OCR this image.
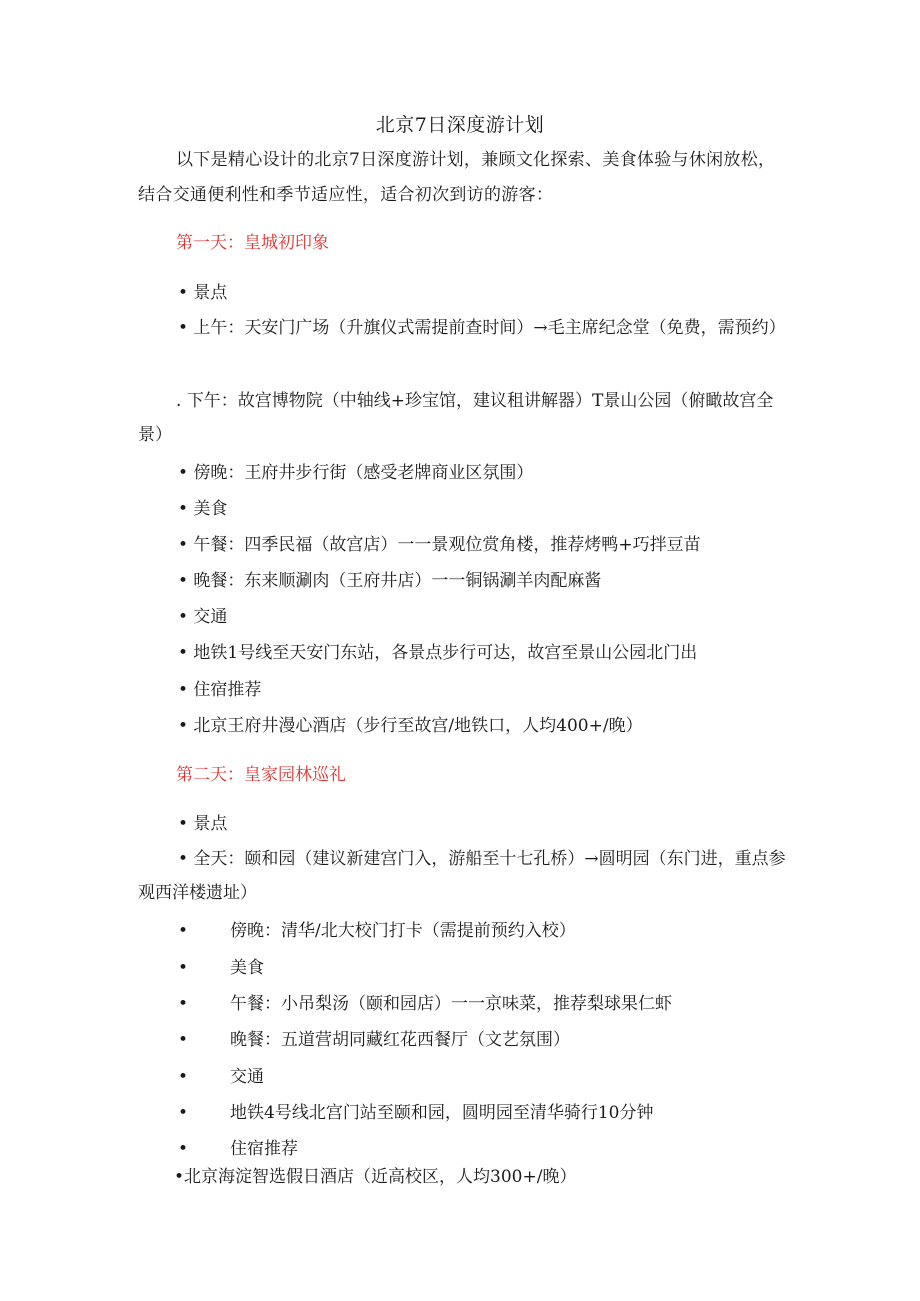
北京7日深度游计划
以下是精心设计的北京7日深度游计划，兼顾文化探索、美食体验与休闲放松，结合交通便利性和季节适应性，适合初次到访的游客：
第一天：皇城初印象
• 景点
• 上午：天安门广场（升旗仪式需提前查时间）→毛主席纪念堂（免费，需预约）
. 下午：故宫博物院（中轴线+珍宝馆，建议租讲解器）T景山公园（俯瞰故宫全景）
• 傍晚：王府井步行街（感受老牌商业区氛围）
• 美食
• 午餐：四季民福（故宫店）一一景观位赏角楼，推荐烤鸭+巧拌豆苗
• 晚餐：东来顺涮肉（王府井店）一一铜锅涮羊肉配麻酱
• 交通
• 地铁1号线至天安门东站，各景点步行可达，故宫至景山公园北门出
• 住宿推荐
• 北京王府井漫心酒店（步行至故宫/地铁口，人均400+/晚）
第二天：皇家园林巡礼
• 景点
• 全天：颐和园（建议新建宫门入，游船至十七孔桥）→圆明园（东门进，重点参观西洋楼遗址）
• 傍晚：清华/北大校门打卡（需提前预约入校）
• 美食
• 午餐：小吊梨汤（颐和园店）一一京味菜，推荐梨球果仁虾
• 晚餐：五道营胡同藏红花西餐厅（文艺氛围）
• 交通
• 地铁4号线北宫门站至颐和园，圆明园至清华骑行10分钟
• 住宿推荐
•北京海淀智选假日酒店（近高校区，人均300+/晚）
